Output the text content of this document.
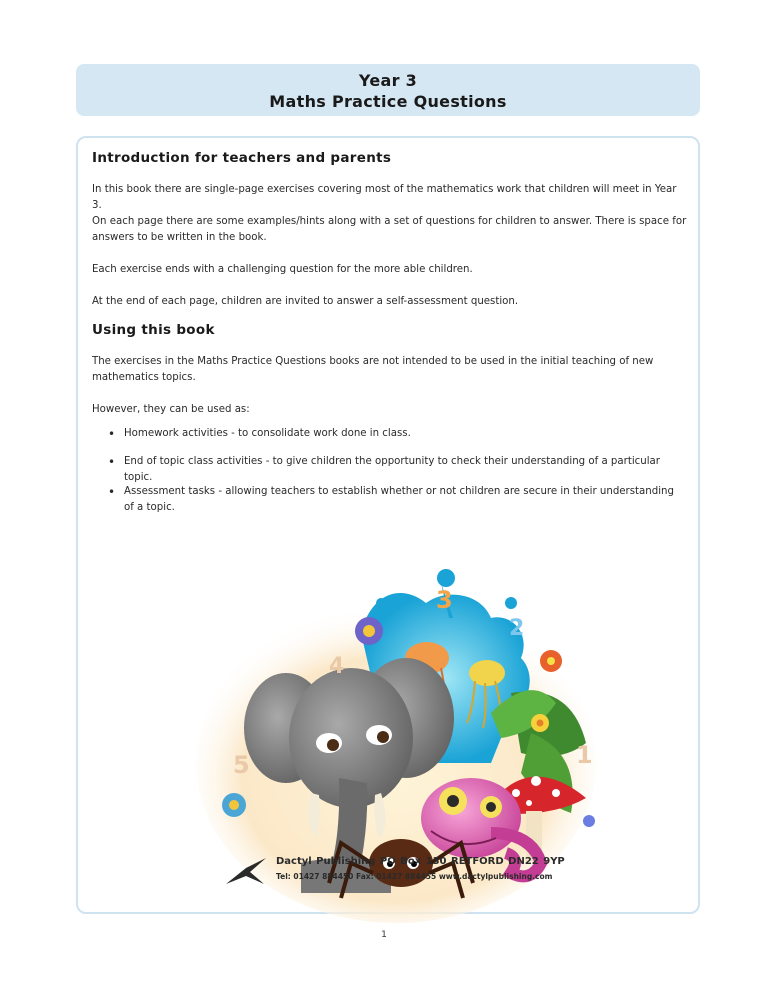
Year 3
Maths Practice Questions
Introduction for teachers and parents
In this book there are single-page exercises covering most of the mathematics work that children will meet in Year 3.
On each page there are some examples/hints along with a set of questions for children to answer. There is space for answers to be written in the book.
Each exercise ends with a challenging question for the more able children.
At the end of each page, children are invited to answer a self-assessment question.
Using this book
The exercises in the Maths Practice Questions books are not intended to be used in the initial teaching of new mathematics topics.
However, they can be used as:
• Homework activities - to consolidate work done in class.
• End of topic class activities - to give children the opportunity to check their understanding of a particular topic.
• Assessment tasks - allowing teachers to establish whether or not children are secure in their understanding of a topic.
3
2
4
1
5
Dactyl Publishing PO Box 130 RETFORD DN22 9YP
Tel: 01427 884450 Fax: 01427 884455 www.dactylpublishing.com
1
